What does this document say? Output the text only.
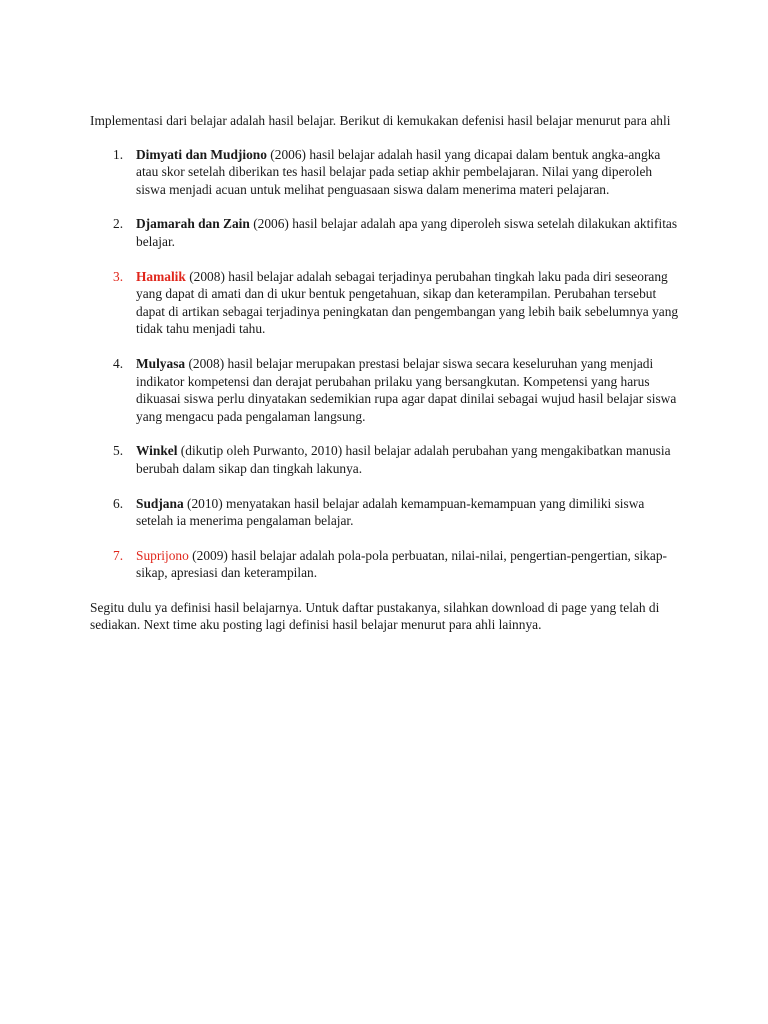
Implementasi dari belajar adalah hasil belajar. Berikut di kemukakan defenisi hasil belajar menurut para ahli

1. Dimyati dan Mudjiono (2006) hasil belajar adalah hasil yang dicapai dalam bentuk angka-angka atau skor setelah diberikan tes hasil belajar pada setiap akhir pembelajaran. Nilai yang diperoleh siswa menjadi acuan untuk melihat penguasaan siswa dalam menerima materi pelajaran.
2. Djamarah dan Zain (2006) hasil belajar adalah apa yang diperoleh siswa setelah dilakukan aktifitas belajar.
3. Hamalik (2008) hasil belajar adalah sebagai terjadinya perubahan tingkah laku pada diri seseorang yang dapat di amati dan di ukur bentuk pengetahuan, sikap dan keterampilan. Perubahan tersebut dapat di artikan sebagai terjadinya peningkatan dan pengembangan yang lebih baik sebelumnya yang tidak tahu menjadi tahu.
4. Mulyasa (2008) hasil belajar merupakan prestasi belajar siswa secara keseluruhan yang menjadi indikator kompetensi dan derajat perubahan prilaku yang bersangkutan. Kompetensi yang harus dikuasai siswa perlu dinyatakan sedemikian rupa agar dapat dinilai sebagai wujud hasil belajar siswa yang mengacu pada pengalaman langsung.
5. Winkel (dikutip oleh Purwanto, 2010) hasil belajar adalah perubahan yang mengakibatkan manusia berubah dalam sikap dan tingkah lakunya.
6. Sudjana (2010) menyatakan hasil belajar adalah kemampuan-kemampuan yang dimiliki siswa setelah ia menerima pengalaman belajar.
7. Suprijono (2009) hasil belajar adalah pola-pola perbuatan, nilai-nilai, pengertian-pengertian, sikap-sikap, apresiasi dan keterampilan.

Segitu dulu ya definisi hasil belajarnya. Untuk daftar pustakanya, silahkan download di page yang telah di sediakan. Next time aku posting lagi definisi hasil belajar menurut para ahli lainnya.
